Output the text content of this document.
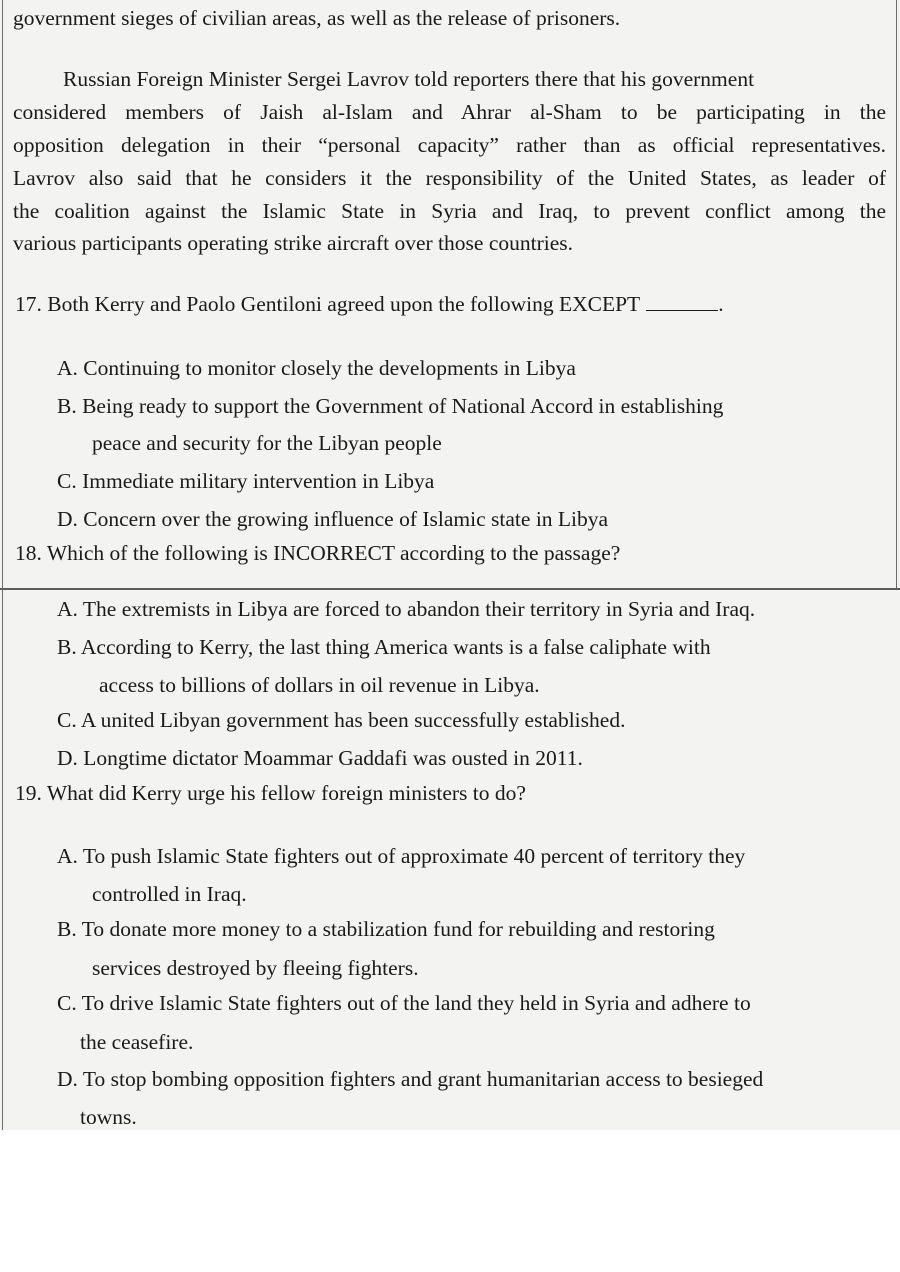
government sieges of civilian areas, as well as the release of prisoners.
Russian Foreign Minister Sergei Lavrov told reporters there that his government
considered members of Jaish al-Islam and Ahrar al-Sham to be participating in the
opposition delegation in their “personal capacity” rather than as official representatives.
Lavrov also said that he considers it the responsibility of the United States, as leader of
the coalition against the Islamic State in Syria and Iraq, to prevent conflict among the
various participants operating strike aircraft over those countries.
17. Both Kerry and Paolo Gentiloni agreed upon the following EXCEPT	.
A. Continuing to monitor closely the developments in Libya
B. Being ready to support the Government of National Accord in establishing
peace and security for the Libyan people
C. Immediate military intervention in Libya
D. Concern over the growing influence of Islamic state in Libya
18. Which of the following is INCORRECT according to the passage?
A. The extremists in Libya are forced to abandon their territory in Syria and Iraq.
B. According to Kerry, the last thing America wants is a false caliphate with
access to billions of dollars in oil revenue in Libya.
C. A united Libyan government has been successfully established.
D. Longtime dictator Moammar Gaddafi was ousted in 2011.
19. What did Kerry urge his fellow foreign ministers to do?
A. To push Islamic State fighters out of approximate 40 percent of territory they
controlled in Iraq.
B. To donate more money to a stabilization fund for rebuilding and restoring
services destroyed by fleeing fighters.
C. To drive Islamic State fighters out of the land they held in Syria and adhere to
the ceasefire.
D. To stop bombing opposition fighters and grant humanitarian access to besieged
towns.
